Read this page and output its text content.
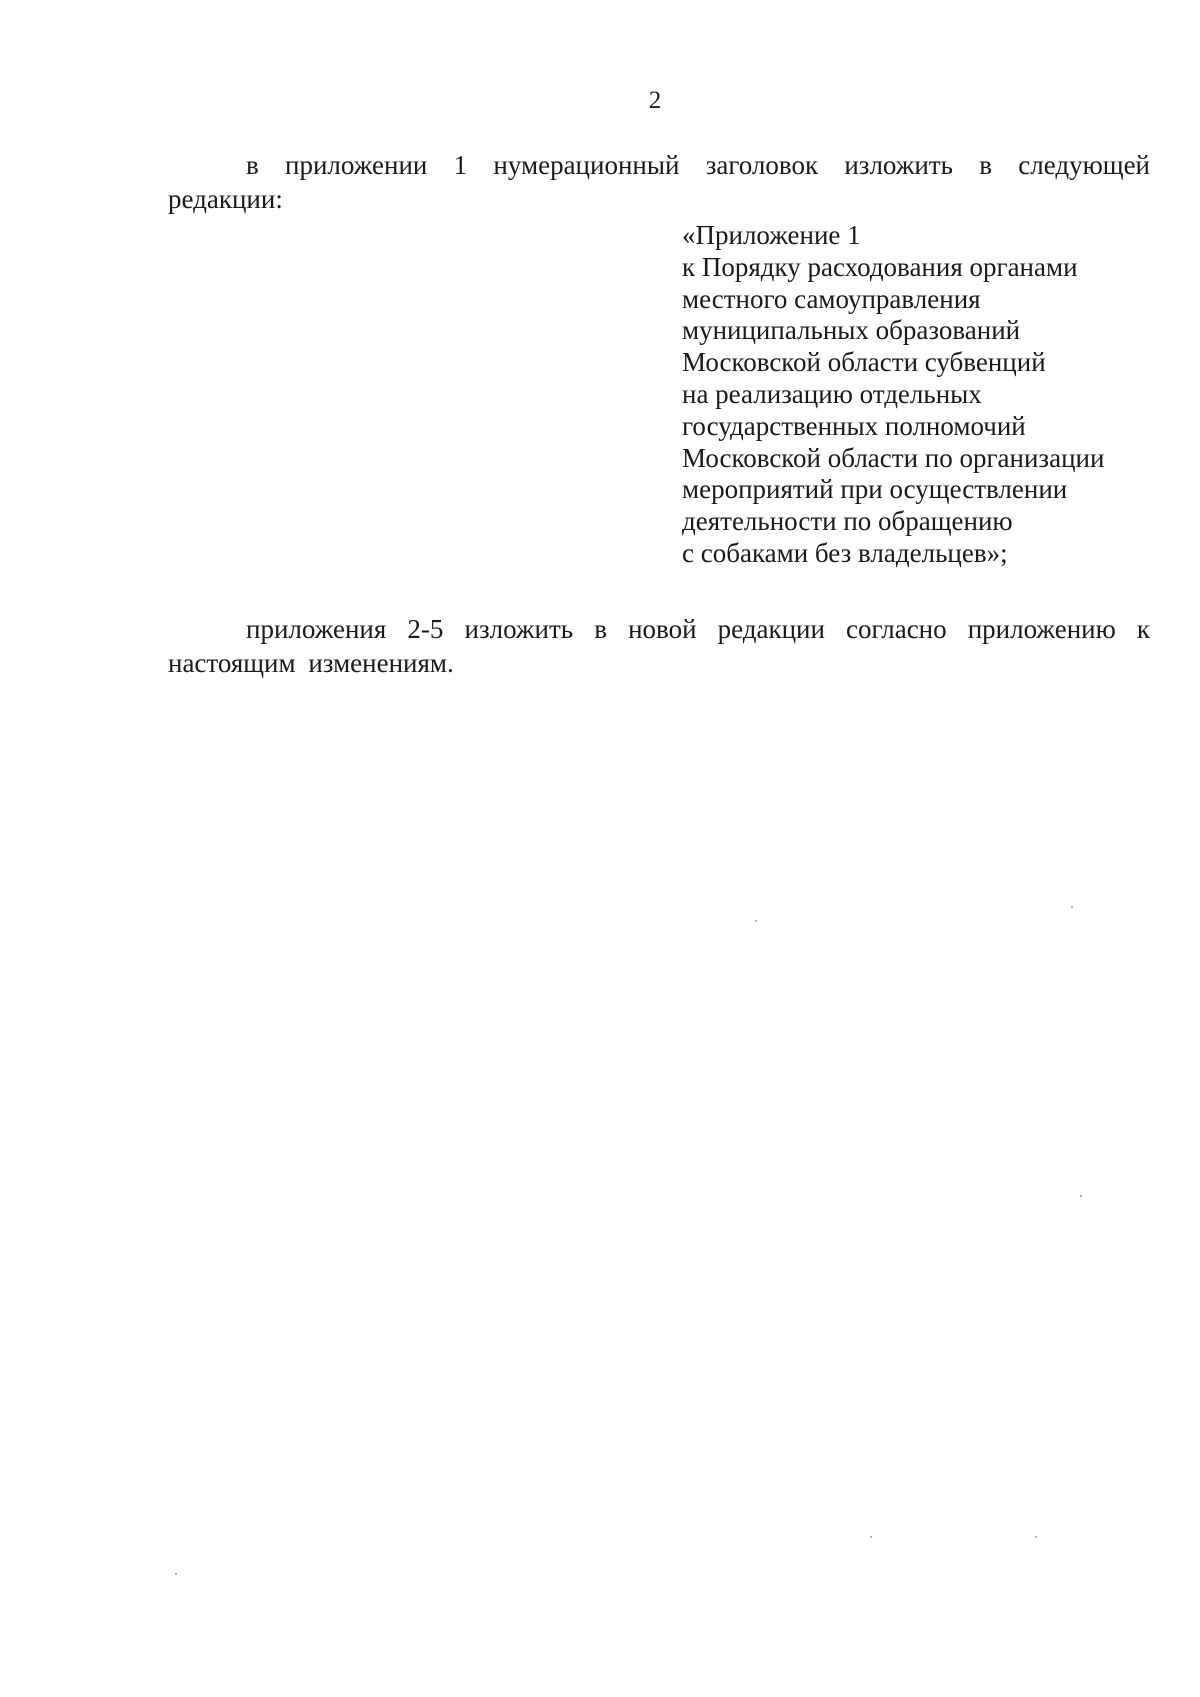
2

в приложении 1 нумерационный заголовок изложить в следующей редакции:

«Приложение 1
к Порядку расходования органами
местного самоуправления
муниципальных образований
Московской области субвенций
на реализацию отдельных
государственных полномочий
Московской области по организации
мероприятий при осуществлении
деятельности по обращению
с собаками без владельцев»;

приложения 2-5 изложить в новой редакции согласно приложению к настоящим изменениям.
